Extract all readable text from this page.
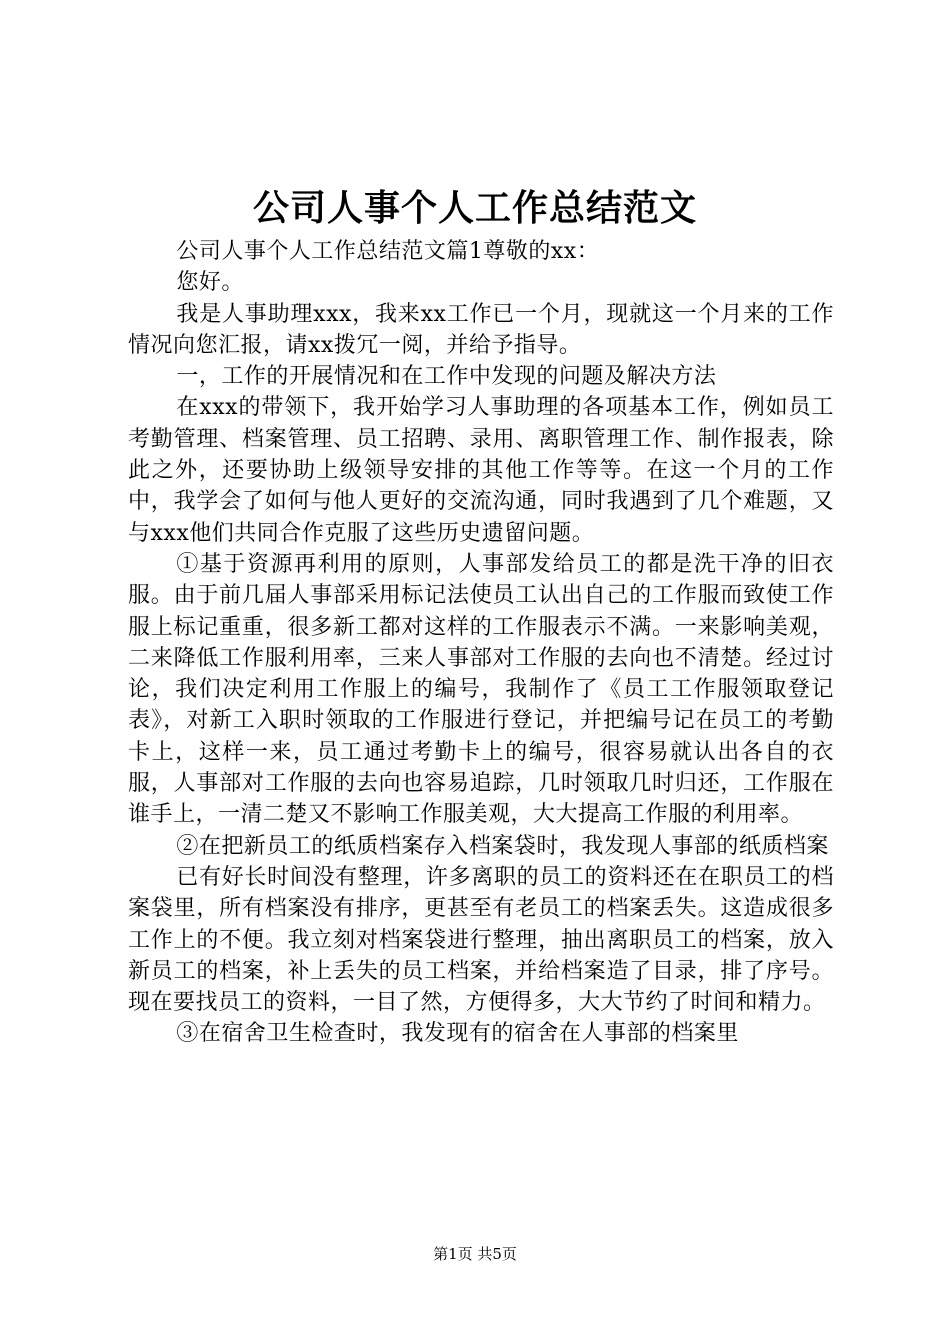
公司人事个人工作总结范文

公司人事个人工作总结范文篇1尊敬的xx：

您好。

我是人事助理xxx，我来xx工作已一个月，现就这一个月来的工作情况向您汇报，请xx拨冗一阅，并给予指导。

一，工作的开展情况和在工作中发现的问题及解决方法

在xxx的带领下，我开始学习人事助理的各项基本工作，例如员工考勤管理、档案管理、员工招聘、录用、离职管理工作、制作报表，除此之外，还要协助上级领导安排的其他工作等等。在这一个月的工作中，我学会了如何与他人更好的交流沟通，同时我遇到了几个难题，又与xxx他们共同合作克服了这些历史遗留问题。

①基于资源再利用的原则，人事部发给员工的都是洗干净的旧衣服。由于前几届人事部采用标记法使员工认出自己的工作服而致使工作服上标记重重，很多新工都对这样的工作服表示不满。一来影响美观，二来降低工作服利用率，三来人事部对工作服的去向也不清楚。经过讨论，我们决定利用工作服上的编号，我制作了《员工工作服领取登记表》，对新工入职时领取的工作服进行登记，并把编号记在员工的考勤卡上，这样一来，员工通过考勤卡上的编号，很容易就认出各自的衣服，人事部对工作服的去向也容易追踪，几时领取几时归还，工作服在谁手上，一清二楚又不影响工作服美观，大大提高工作服的利用率。

②在把新员工的纸质档案存入档案袋时，我发现人事部的纸质档案

已有好长时间没有整理，许多离职的员工的资料还在在职员工的档案袋里，所有档案没有排序，更甚至有老员工的档案丢失。这造成很多工作上的不便。我立刻对档案袋进行整理，抽出离职员工的档案，放入新员工的档案，补上丢失的员工档案，并给档案造了目录，排了序号。现在要找员工的资料，一目了然，方便得多，大大节约了时间和精力。

③在宿舍卫生检查时，我发现有的宿舍在人事部的档案里

第1页 共5页
